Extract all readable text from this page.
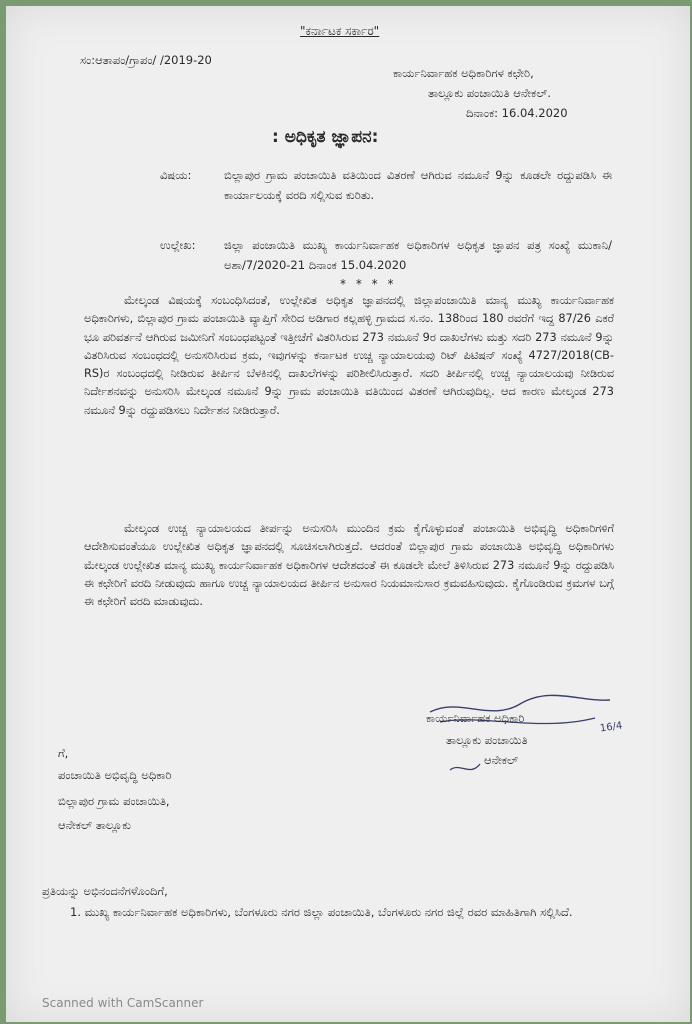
"ಕರ್ನಾಟಕ ಸರ್ಕಾರ"
ಸಂ:ಆತಾಪಂ/ಗ್ರಾಪಂ/ /2019-20
ಕಾರ್ಯನಿರ್ವಾಹಕ ಅಧಿಕಾರಿಗಳ ಕಛೇರಿ,
ತಾಲ್ಲೂಕು ಪಂಚಾಯಿತಿ ಆನೇಕಲ್.
ದಿನಾಂಕ: 16.04.2020
: ಅಧಿಕೃತ ಜ್ಞಾಪನ:
ವಿಷಯ:	ಬಿಲ್ಲಾಪುರ ಗ್ರಾಮ ಪಂಚಾಯಿತಿ ವತಿಯಿಂದ ವಿತರಣೆ ಆಗಿರುವ ನಮೂನೆ 9ನ್ನು ಕೂಡಲೇ ರದ್ದುಪಡಿಸಿ ಈ ಕಾರ್ಯಾಲಯಕ್ಕೆ ವರದಿ ಸಲ್ಲಿಸುವ ಕುರಿತು.
ಉಲ್ಲೇಖ: ಜಿಲ್ಲಾ ಪಂಚಾಯಿತಿ ಮುಖ್ಯ ಕಾರ್ಯನಿರ್ವಾಹಕ ಅಧಿಕಾರಿಗಳ ಅಧಿಕೃತ ಜ್ಞಾಪನ ಪತ್ರ ಸಂಖ್ಯೆ ಮುಕಾನಿ/ಅಶಾ/7/2020-21 ದಿನಾಂಕ 15.04.2020
* * * *
ಮೇಲ್ಕಂಡ ವಿಷಯಕ್ಕೆ ಸಂಬಂಧಿಸಿದಂತೆ, ಉಲ್ಲೇಖಿತ ಅಧಿಕೃತ ಜ್ಞಾಪನದಲ್ಲಿ ಜಿಲ್ಲಾಪಂಚಾಯಿತಿ ಮಾನ್ಯ ಮುಖ್ಯ ಕಾರ್ಯನಿರ್ವಾಹಕ ಅಧಿಕಾರಿಗಳು, ಬಿಲ್ಲಾಪುರ ಗ್ರಾಮ ಪಂಚಾಯಿತಿ ವ್ಯಾಪ್ತಿಗೆ ಸೇರಿದ ಅಡಿಗಾರ ಕಲ್ಲಹಳ್ಳಿ ಗ್ರಾಮದ ಸ.ನಂ. 138ರಿಂದ 180 ರವರೆಗೆ ಇದ್ದ 87/26 ಎಕರೆ ಭೂ ಪರಿವರ್ತನೆ ಆಗಿರುವ ಜಮೀನಿಗೆ ಸಂಬಂಧಪಟ್ಟಂತೆ ಇತ್ತೀಚೆಗೆ ವಿತರಿಸಿರುವ 273 ನಮೂನೆ 9ರ ದಾಖಲೆಗಳು ಮತ್ತು ಸದರಿ 273 ನಮೂನೆ 9ನ್ನು ವಿತರಿಸಿರುವ ಸಂಬಂಧದಲ್ಲಿ ಅನುಸರಿಸಿರುವ ಕ್ರಮ, ಇವುಗಳನ್ನು ಕರ್ನಾಟಕ ಉಚ್ಚ ನ್ಯಾಯಾಲಯವು ರಿಟ್ ಪಿಟಿಷನ್ ಸಂಖ್ಯೆ 4727/2018(CB-RS)ರ ಸಂಬಂಧದಲ್ಲಿ ನೀಡಿರುವ ತೀರ್ಪಿನ ಬೆಳಕಿನಲ್ಲಿ ದಾಖಲೆಗಳನ್ನು ಪರಿಶೀಲಿಸಿರುತ್ತಾರೆ. ಸದರಿ ತೀರ್ಪಿನಲ್ಲಿ ಉಚ್ಚ ನ್ಯಾಯಾಲಯವು ನೀಡಿರುವ ನಿರ್ದೇಶನವನ್ನು ಅನುಸರಿಸಿ ಮೇಲ್ಕಂಡ ನಮೂನೆ 9ನ್ನು ಗ್ರಾಮ ಪಂಚಾಯಿತಿ ವತಿಯಿಂದ ವಿತರಣೆ ಆಗಿರುವುದಿಲ್ಲ. ಆದ ಕಾರಣ ಮೇಲ್ಕಂಡ 273 ನಮೂನೆ 9ನ್ನು ರದ್ದುಪಡಿಸಲು ನಿರ್ದೇಶನ ನೀಡಿರುತ್ತಾರೆ.
ಮೇಲ್ಕಂಡ ಉಚ್ಚ ನ್ಯಾಯಾಲಯದ ತೀರ್ಪನ್ನು ಅನುಸರಿಸಿ ಮುಂದಿನ ಕ್ರಮ ಕೈಗೊಳ್ಳುವಂತೆ ಪಂಚಾಯಿತಿ ಅಭಿವೃದ್ಧಿ ಅಧಿಕಾರಿಗಳಿಗೆ ಆದೇಶಿಸುವಂತೆಯೂ ಉಲ್ಲೇಖಿತ ಅಧಿಕೃತ ಜ್ಞಾಪನದಲ್ಲಿ ಸೂಚಿಸಲಾಗಿರುತ್ತದೆ. ಆದರಂತೆ ಬಿಲ್ಲಾಪುರ ಗ್ರಾಮ ಪಂಚಾಯಿತಿ ಅಭಿವೃದ್ಧಿ ಅಧಿಕಾರಿಗಳು ಮೇಲ್ಕಂಡ ಉಲ್ಲೇಖಿತ ಮಾನ್ಯ ಮುಖ್ಯ ಕಾರ್ಯನಿರ್ವಾಹಕ ಅಧಿಕಾರಿಗಳ ಆದೇಶದಂತೆ ಈ ಕೂಡಲೇ ಮೇಲೆ ತಿಳಿಸಿರುವ 273 ನಮೂನೆ 9ನ್ನು ರದ್ದುಪಡಿಸಿ ಈ ಕಛೇರಿಗೆ ವರದಿ ನೀಡುವುದು ಹಾಗೂ ಉಚ್ಚ ನ್ಯಾಯಾಲಯದ ತೀರ್ಪಿನ ಅನುಸಾರ ನಿಯಮಾನುಸಾರ ಕ್ರಮವಹಿಸುವುದು. ಕೈಗೊಂಡಿರುವ ಕ್ರಮಗಳ ಬಗ್ಗೆ ಈ ಕಛೇರಿಗೆ ವರದಿ ಮಾಡುವುದು.
ಕಾರ್ಯನಿರ್ವಾಹಕ ಅಧಿಕಾರಿ
ತಾಲ್ಲೂಕು ಪಂಚಾಯಿತಿ
ಆನೇಕಲ್
16/4
ಗೆ,
ಪಂಚಾಯಿತಿ ಅಭಿವೃದ್ಧಿ ಅಧಿಕಾರಿ
ಬಿಲ್ಲಾಪುರ ಗ್ರಾಮ ಪಂಚಾಯಿತಿ,
ಆನೇಕಲ್ ತಾಲ್ಲೂಕು
ಪ್ರತಿಯನ್ನು ಅಭಿನಂದನೆಗಳೊಂದಿಗೆ,
1. ಮುಖ್ಯ ಕಾರ್ಯನಿರ್ವಾಹಕ ಅಧಿಕಾರಿಗಳು, ಬೆಂಗಳೂರು ನಗರ ಜಿಲ್ಲಾ ಪಂಚಾಯಿತಿ, ಬೆಂಗಳೂರು ನಗರ ಜಿಲ್ಲೆ ರವರ ಮಾಹಿತಿಗಾಗಿ ಸಲ್ಲಿಸಿದೆ.
Scanned with CamScanner
